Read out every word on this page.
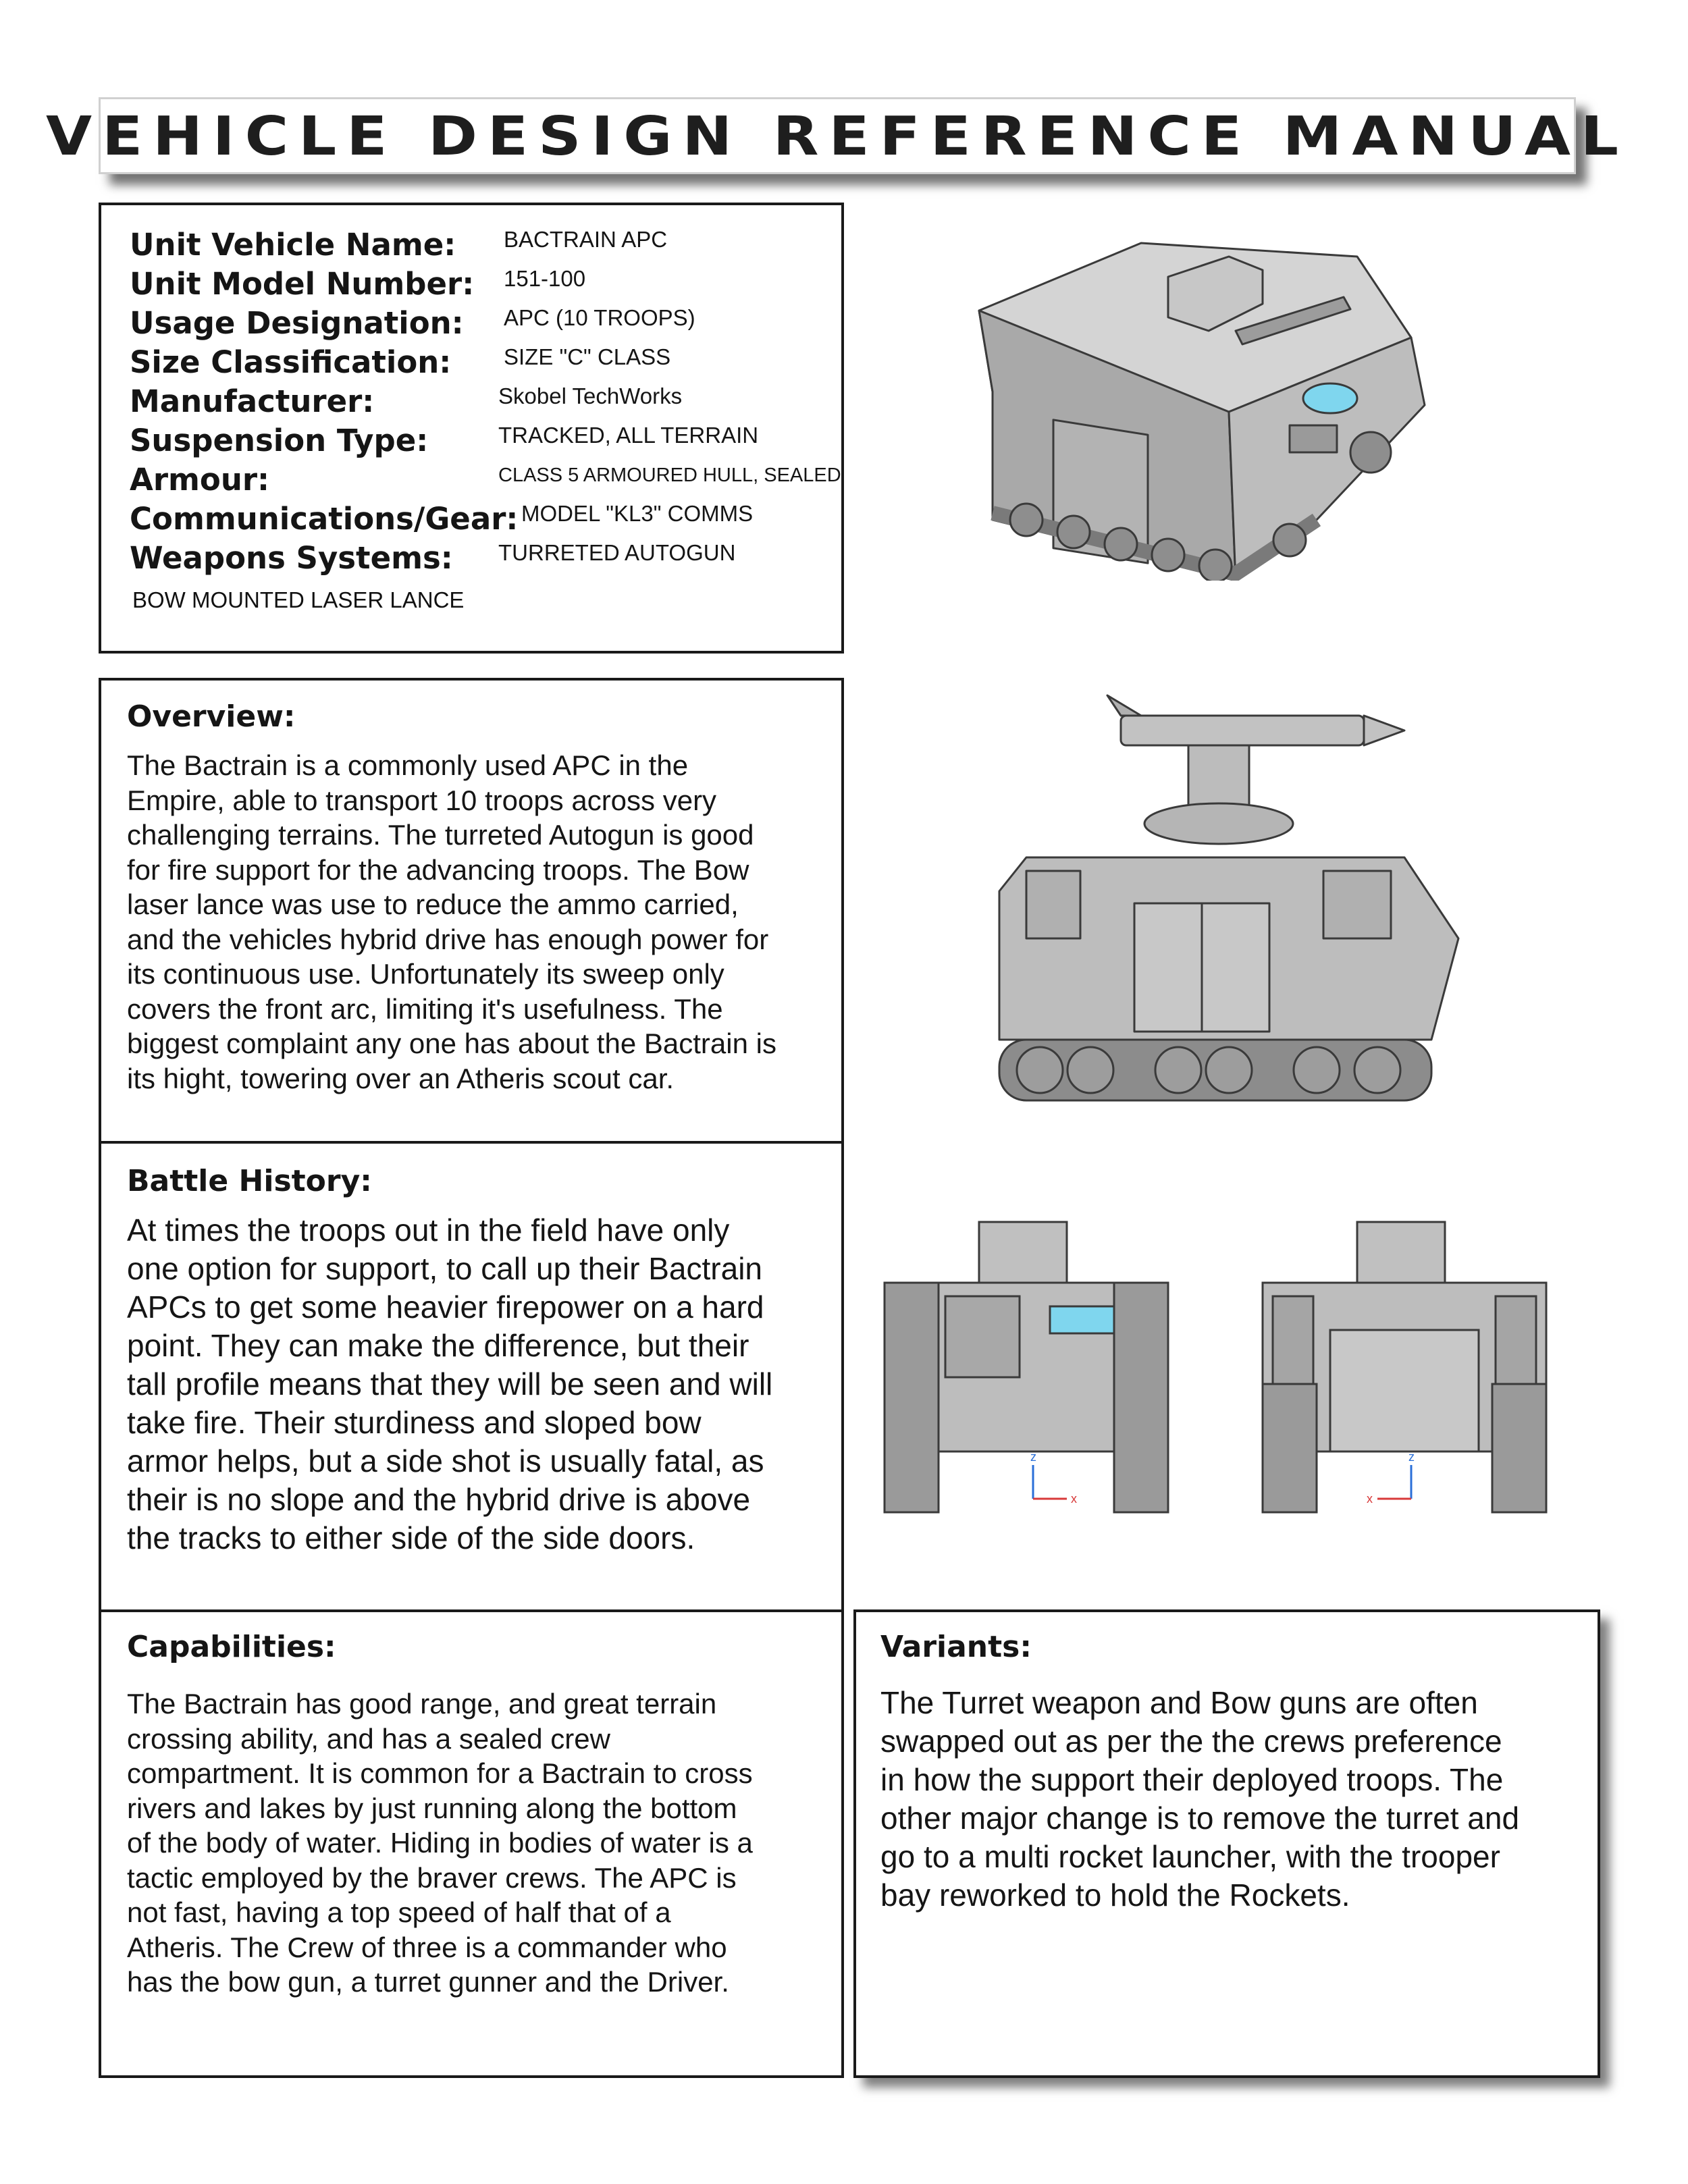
VEHICLE DESIGN REFERENCE MANUAL
Unit Vehicle Name: BACTRAIN APC
Unit Model Number: 151-100
Usage Designation: APC (10 TROOPS)
Size Classification: SIZE "C" CLASS
Manufacturer:	Skobel TechWorks
Suspension Type:	TRACKED, ALL TERRAIN
Armour:	CLASS 5 ARMOURED HULL, SEALED
Communications/Gear: MODEL "KL3" COMMS
Weapons Systems: TURRETED AUTOGUN
BOW MOUNTED LASER LANCE
Overview:

The Bactrain is a commonly used APC in the
Empire, able to transport 10 troops across very
challenging terrains. The turreted Autogun is good
for fire support for the advancing troops. The Bow
laser lance was use to reduce the ammo carried,
and the vehicles hybrid drive has enough power for
its continuous use. Unfortunately its sweep only
covers the front arc, limiting it's usefulness. The
biggest complaint any one has about the Bactrain is
its hight, towering over an Atheris scout car.

Battle History:

At times the troops out in the field have only
one option for support, to call up their Bactrain
APCs to get some heavier firepower on a hard
point. They can make the difference, but their
tall profile means that they will be seen and will
take fire. Their sturdiness and sloped bow
armor helps, but a side shot is usually fatal, as
their is no slope and the hybrid drive is above
the tracks to either side of the side doors.

Capabilities:

The Bactrain has good range, and great terrain
crossing ability, and has a sealed crew
compartment. It is common for a Bactrain to cross
rivers and lakes by just running along the bottom
of the body of water. Hiding in bodies of water is a
tactic employed by the braver crews. The APC is
not fast, having a top speed of half that of a
Atheris. The Crew of three is a commander who
has the bow gun, a turret gunner and the Driver.

Variants:

The Turret weapon and Bow guns are often
swapped out as per the the crews preference
in how the support their deployed troops. The
other major change is to remove the turret and
go to a multi rocket launcher, with the trooper
bay reworked to hold the Rockets.

z
x
z
x
